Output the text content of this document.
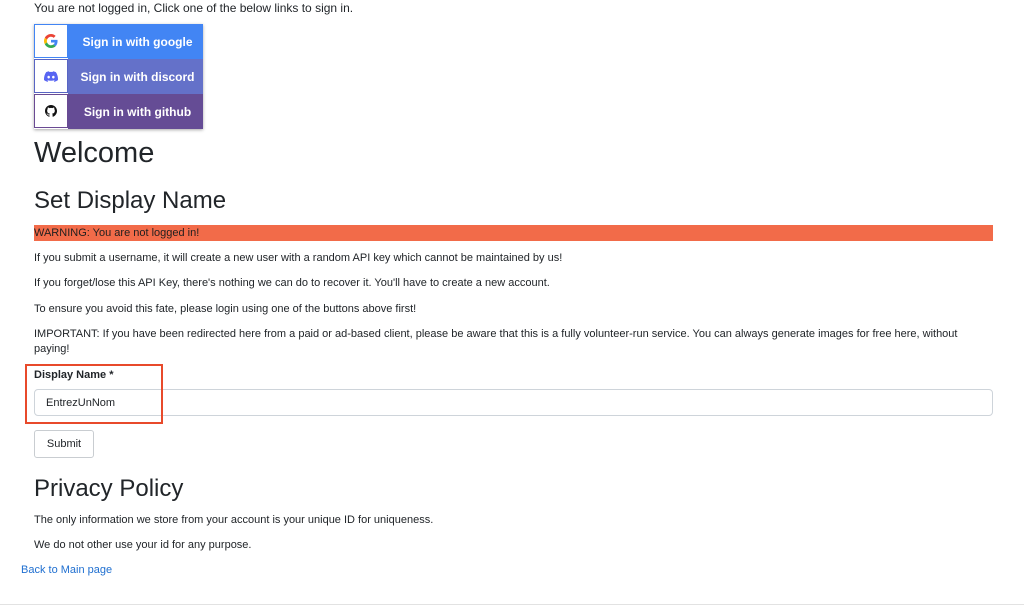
You are not logged in, Click one of the below links to sign in.
Sign in with google
Sign in with discord
Sign in with github
Welcome
Set Display Name
WARNING: You are not logged in!
If you submit a username, it will create a new user with a random API key which cannot be maintained by us!
If you forget/lose this API Key, there's nothing we can do to recover it. You'll have to create a new account.
To ensure you avoid this fate, please login using one of the buttons above first!
IMPORTANT: If you have been redirected here from a paid or ad-based client, please be aware that this is a fully volunteer-run service. You can always generate images for free here, without paying!
Display Name *
EntrezUnNom
Submit
Privacy Policy
The only information we store from your account is your unique ID for uniqueness.
We do not other use your id for any purpose.
Back to Main page
